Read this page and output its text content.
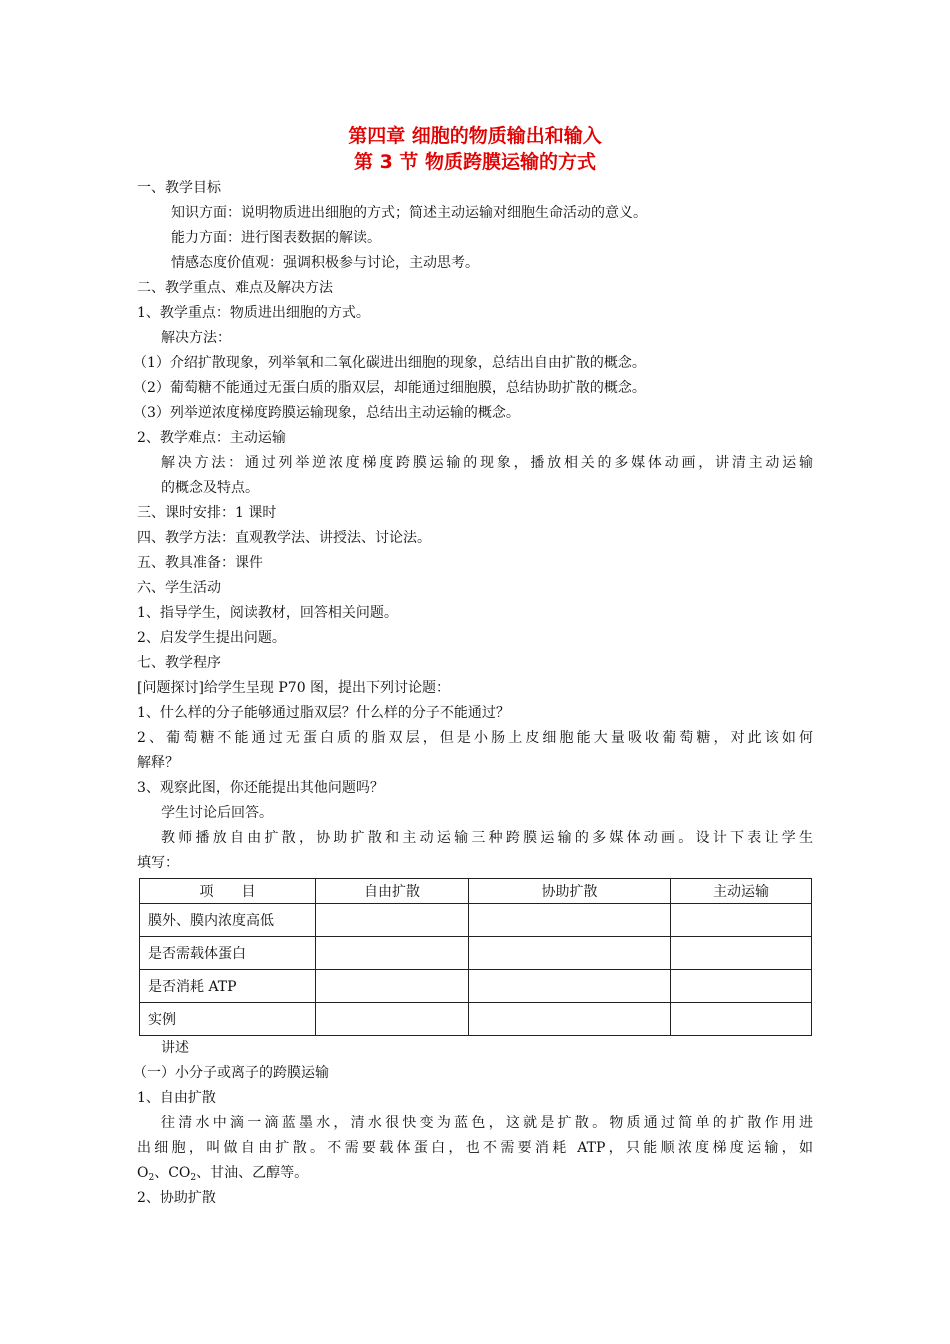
第四章 细胞的物质输出和输入
第 3 节 物质跨膜运输的方式
一、教学目标
知识方面：说明物质进出细胞的方式；简述主动运输对细胞生命活动的意义。
能力方面：进行图表数据的解读。
情感态度价值观：强调积极参与讨论，主动思考。
二、教学重点、难点及解决方法
1、教学重点：物质进出细胞的方式。
解决方法：
（1）介绍扩散现象，列举氧和二氧化碳进出细胞的现象，总结出自由扩散的概念。
（2）葡萄糖不能通过无蛋白质的脂双层，却能通过细胞膜，总结协助扩散的概念。
（3）列举逆浓度梯度跨膜运输现象，总结出主动运输的概念。
2、教学难点：主动运输
解决方法：通过列举逆浓度梯度跨膜运输的现象，播放相关的多媒体动画，讲清主动运输
的概念及特点。
三、课时安排：1 课时
四、教学方法：直观教学法、讲授法、讨论法。
五、教具准备：课件
六、学生活动
1、指导学生，阅读教材，回答相关问题。
2、启发学生提出问题。
七、教学程序
[问题探讨]给学生呈现 P70 图，提出下列讨论题：
1、什么样的分子能够通过脂双层？什么样的分子不能通过？
2、葡萄糖不能通过无蛋白质的脂双层，但是小肠上皮细胞能大量吸收葡萄糖，对此该如何
解释？
3、观察此图，你还能提出其他问题吗？
学生讨论后回答。
教师播放自由扩散，协助扩散和主动运输三种跨膜运输的多媒体动画。设计下表让学生
填写：
项　　目	自由扩散	协助扩散	主动运输
膜外、膜内浓度高低			
是否需载体蛋白			
是否消耗 ATP			
实例			
讲述
（一）小分子或离子的跨膜运输
1、自由扩散
往清水中滴一滴蓝墨水，清水很快变为蓝色，这就是扩散。物质通过简单的扩散作用进
出细胞，叫做自由扩散。不需要载体蛋白，也不需要消耗 ATP，只能顺浓度梯度运输，如
$O_2$、$CO_2$、甘油、乙醇等。
2、协助扩散
